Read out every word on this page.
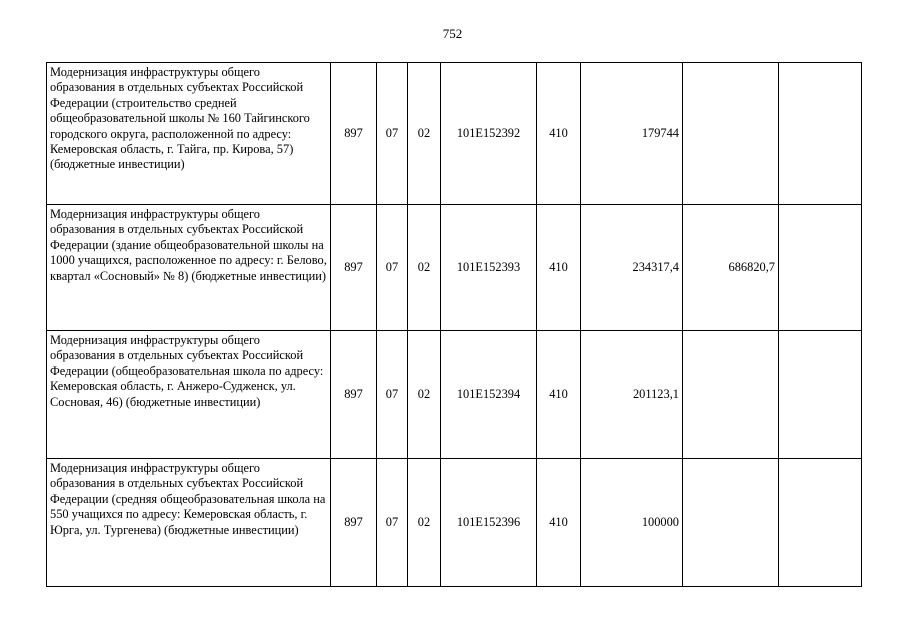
752
Модернизация инфраструктуры общего образования в отдельных субъектах Российской Федерации (строительство средней общеобразовательной школы № 160 Тайгинского городского округа, расположенной по адресу: Кемеровская область, г. Тайга, пр. Кирова, 57) (бюджетные инвестиции)	897	07	02	101Е152392	410	179744		
Модернизация инфраструктуры общего образования в отдельных субъектах Российской Федерации (здание общеобразовательной школы на 1000 учащихся, расположенное по адресу: г. Белово, квартал «Сосновый» № 8) (бюджетные инвестиции)	897	07	02	101Е152393	410	234317,4	686820,7	
Модернизация инфраструктуры общего образования в отдельных субъектах Российской Федерации (общеобразовательная школа по адресу: Кемеровская область, г. Анжеро-Судженск, ул. Сосновая, 46) (бюджетные инвестиции)	897	07	02	101Е152394	410	201123,1		
Модернизация инфраструктуры общего образования в отдельных субъектах Российской Федерации (средняя общеобразовательная школа на 550 учащихся по адресу: Кемеровская область, г. Юрга, ул. Тургенева) (бюджетные инвестиции)	897	07	02	101Е152396	410	100000		
